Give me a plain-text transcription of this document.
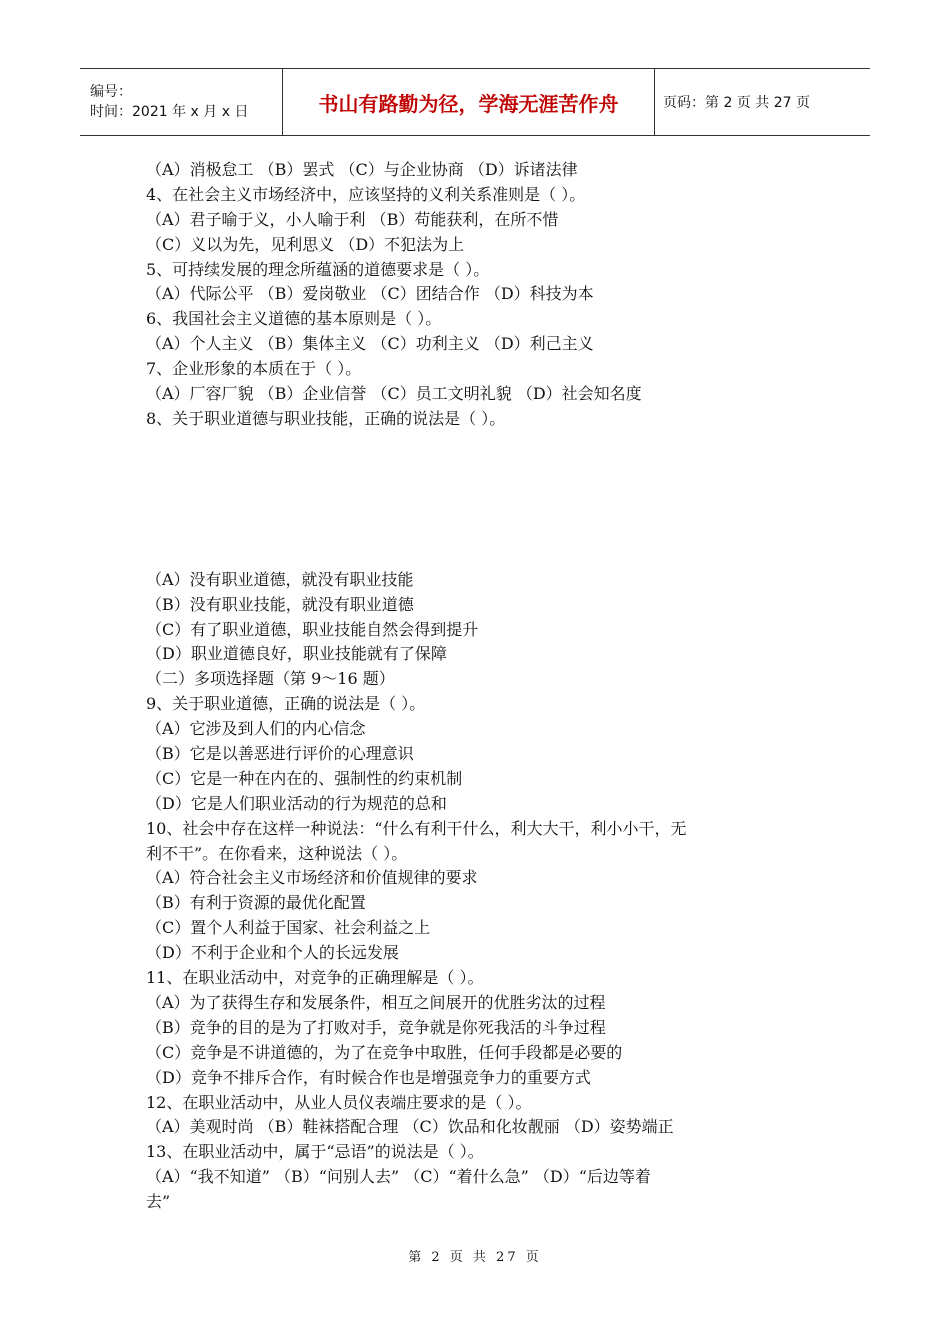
编号：
时间：2021 年 x 月 x 日	书山有路勤为径，学海无涯苦作舟	页码：第 2 页 共 27 页
（A）消极怠工 （B）罢式 （C）与企业协商 （D）诉诸法律
4、在社会主义市场经济中，应该坚持的义利关系准则是（ ）。
（A）君子喻于义，小人喻于利 （B）苟能获利，在所不惜
（C）义以为先，见利思义 （D）不犯法为上
5、可持续发展的理念所蕴涵的道德要求是（ ）。
（A）代际公平 （B）爱岗敬业 （C）团结合作 （D）科技为本
6、我国社会主义道德的基本原则是（ ）。
（A）个人主义 （B）集体主义 （C）功利主义 （D）利己主义
7、企业形象的本质在于（ ）。
（A）厂容厂貌 （B）企业信誉 （C）员工文明礼貌 （D）社会知名度
8、关于职业道德与职业技能，正确的说法是（ ）。
（A）没有职业道德，就没有职业技能
（B）没有职业技能，就没有职业道德
（C）有了职业道德，职业技能自然会得到提升
（D）职业道德良好，职业技能就有了保障
（二）多项选择题（第 9～16 题）
9、关于职业道德，正确的说法是（ ）。
（A）它涉及到人们的内心信念
（B）它是以善恶进行评价的心理意识
（C）它是一种在内在的、强制性的约束机制
（D）它是人们职业活动的行为规范的总和
10、社会中存在这样一种说法：“什么有利干什么，利大大干，利小小干，无
利不干”。在你看来，这种说法（ ）。
（A）符合社会主义市场经济和价值规律的要求
（B）有利于资源的最优化配置
（C）置个人利益于国家、社会利益之上
（D）不利于企业和个人的长远发展
11、在职业活动中，对竞争的正确理解是（ ）。
（A）为了获得生存和发展条件，相互之间展开的优胜劣汰的过程
（B）竞争的目的是为了打败对手，竞争就是你死我活的斗争过程
（C）竞争是不讲道德的，为了在竞争中取胜，任何手段都是必要的
（D）竞争不排斥合作，有时候合作也是增强竞争力的重要方式
12、在职业活动中，从业人员仪表端庄要求的是（ ）。
（A）美观时尚 （B）鞋袜搭配合理 （C）饮品和化妆靓丽 （D）姿势端正
13、在职业活动中，属于“忌语”的说法是（ ）。
（A）“我不知道” （B）“问别人去” （C）“着什么急” （D）“后边等着
去”
第 2 页 共 27 页
